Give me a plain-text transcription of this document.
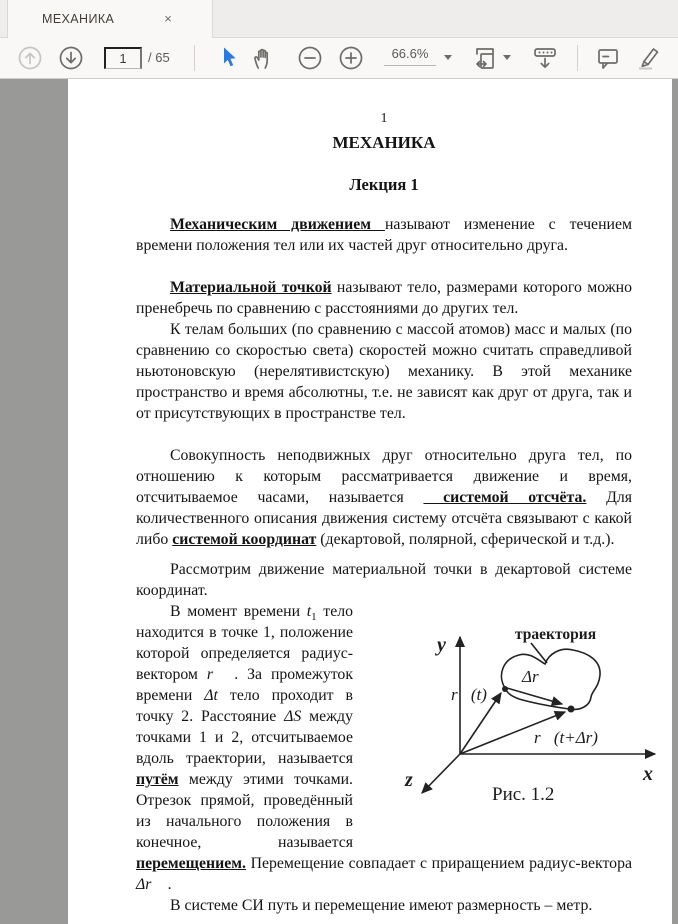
МЕХАНИКА	×
1
/ 65	66.6%

1

МЕХАНИКА
Лекция 1

Механическим движением называют изменение с течением времени положения тел или их частей друг относительно друга.

Материальной точкой называют тело, размерами которого можно пренебречь по сравнению с расстояниями до других тел.

К телам больших (по сравнению с массой атомов) масс и малых (по сравнению со скоростью света) скоростей можно считать справедливой ньютоновскую (нерелятивистскую) механику. В этой механике пространство и время абсолютны, т.е. не зависят как друг от друга, так и от присутствующих в пространстве тел.

Совокупность неподвижных друг относительно друга тел, по отношению к которым рассматривается движение и время, отсчитываемое часами, называется  системой отсчёта. Для количественного описания движения систему отсчёта связывают с какой либо системой координат (декартовой, полярной, сферической и т.д.).

Рассмотрим движение материальной точки в декартовой системе координат.

траектория
y
x
z
r⃗(t)
Δr⃗
r⃗(t+Δr)
Рис. 1.2
В момент времени $t_1$ тело находится в точке 1, положение которой определяется радиус-вектором r⃗ . За промежуток времени Δt тело проходит в точку 2. Расстояние ΔS между точками 1 и 2, отсчитываемое вдоль траектории, называется путём между этими точками. Отрезок прямой, проведённый из начального положения в конечное, называется перемещением. Перемещение совпадает с приращением радиус-вектора Δr⃗ .

В системе СИ путь и перемещение имеют размерность – метр.
